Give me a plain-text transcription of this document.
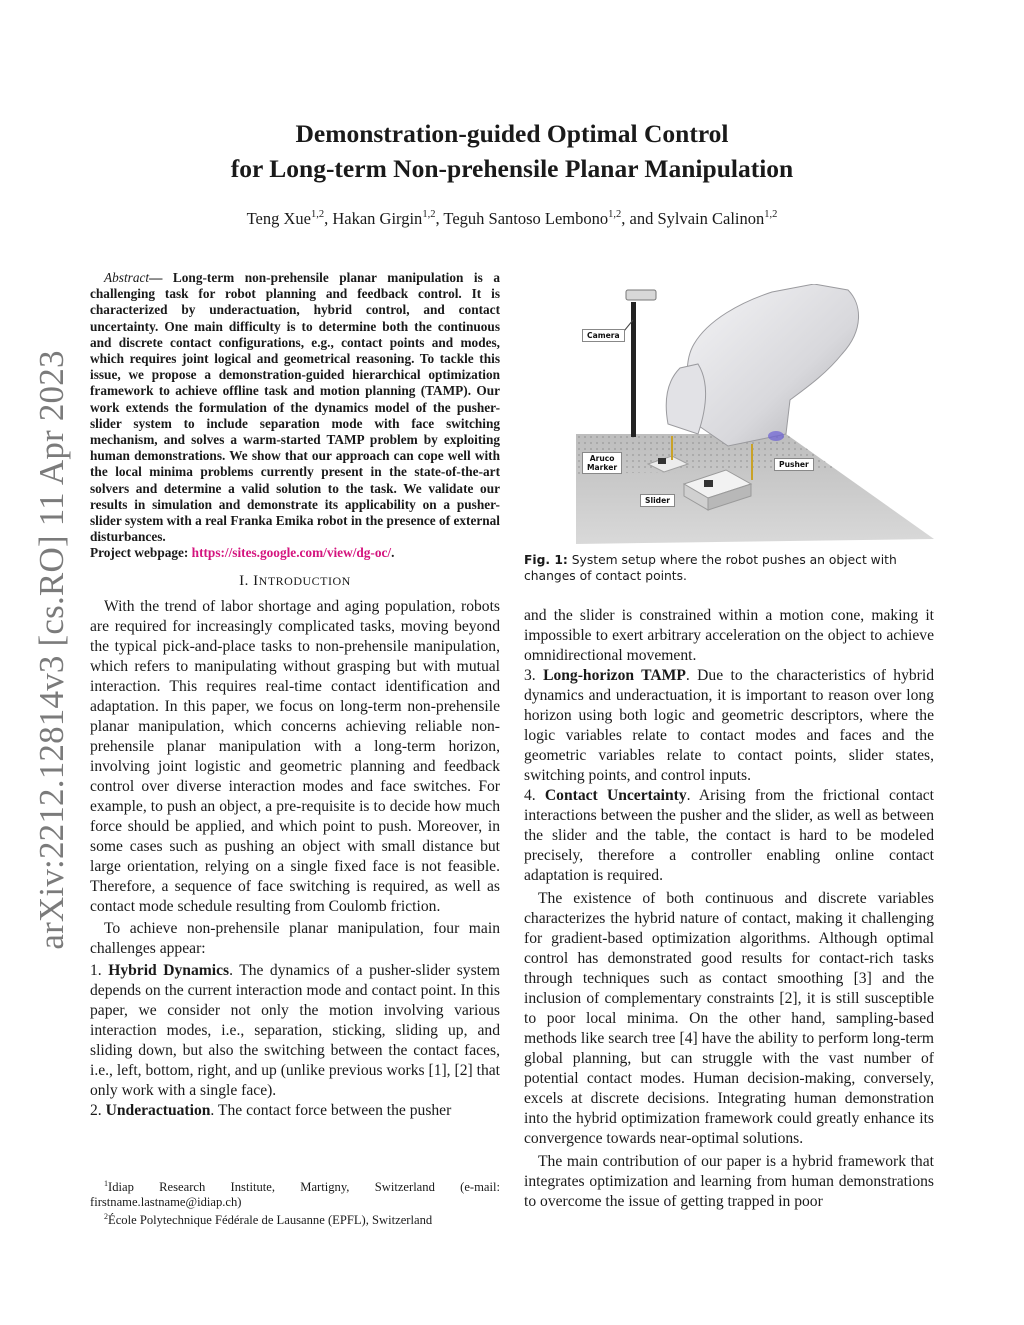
arXiv:2212.12814v3 [cs.RO] 11 Apr 2023
Demonstration-guided Optimal Control
for Long-term Non-prehensile Planar Manipulation
Teng Xue$^{1,2}$, Hakan Girgin$^{1,2}$, Teguh Santoso Lembono$^{1,2}$, and Sylvain Calinon$^{1,2}$

Abstract— Long-term non-prehensile planar manipulation is a challenging task for robot planning and feedback control. It is characterized by underactuation, hybrid control, and contact uncertainty. One main difficulty is to determine both the continuous and discrete contact configurations, e.g., contact points and modes, which requires joint logical and geometrical reasoning. To tackle this issue, we propose a demonstration-guided hierarchical optimization framework to achieve offline task and motion planning (TAMP). Our work extends the formulation of the dynamics model of the pusher-slider system to include separation mode with face switching mechanism, and solves a warm-started TAMP problem by exploiting human demonstrations. We show that our approach can cope well with the local minima problems currently present in the state-of-the-art solvers and determine a valid solution to the task. We validate our results in simulation and demonstrate its applicability on a pusher-slider system with a real Franka Emika robot in the presence of external disturbances.
Project webpage: https://sites.google.com/view/dg-oc/.

I. INTRODUCTION

With the trend of labor shortage and aging population, robots are required for increasingly complicated tasks, moving beyond the typical pick-and-place tasks to non-prehensile manipulation, which refers to manipulating without grasping but with mutual interaction. This requires real-time contact identification and adaptation. In this paper, we focus on long-term non-prehensile planar manipulation, which concerns achieving reliable non-prehensile planar manipulation with a long-term horizon, involving joint logistic and geometric planning and feedback control over diverse interaction modes and face switches. For example, to push an object, a pre-requisite is to decide how much force should be applied, and which point to push. Moreover, in some cases such as pushing an object with small distance but large orientation, relying on a single fixed face is not feasible. Therefore, a sequence of face switching is required, as well as contact mode schedule resulting from Coulomb friction.

To achieve non-prehensile planar manipulation, four main challenges appear:

1. Hybrid Dynamics. The dynamics of a pusher-slider system depends on the current interaction mode and contact point. In this paper, we consider not only the motion involving various interaction modes, i.e., separation, sticking, sliding up, and sliding down, but also the switching between the contact faces, i.e., left, bottom, right, and up (unlike previous works [1], [2] that only work with a single face).

2. Underactuation. The contact force between the pusher

$^1$Idiap Research Institute, Martigny, Switzerland (e-mail: firstname.lastname@idiap.ch)

$^2$École Polytechnique Fédérale de Lausanne (EPFL), Switzerland

Camera
Aruco
Marker	Pusher
Slider
Fig. 1: System setup where the robot pushes an object with changes of contact points.

and the slider is constrained within a motion cone, making it impossible to exert arbitrary acceleration on the object to achieve omnidirectional movement.

3. Long-horizon TAMP. Due to the characteristics of hybrid dynamics and underactuation, it is important to reason over long horizon using both logic and geometric descriptors, where the logic variables relate to contact modes and faces and the geometric variables relate to contact points, slider states, switching points, and control inputs.

4. Contact Uncertainty. Arising from the frictional contact interactions between the pusher and the slider, as well as between the slider and the table, the contact is hard to be modeled precisely, therefore a controller enabling online contact adaptation is required.

The existence of both continuous and discrete variables characterizes the hybrid nature of contact, making it challenging for gradient-based optimization algorithms. Although optimal control has demonstrated good results for contact-rich tasks through techniques such as contact smoothing [3] and the inclusion of complementary constraints [2], it is still susceptible to poor local minima. On the other hand, sampling-based methods like search tree [4] have the ability to perform long-term global planning, but can struggle with the vast number of potential contact modes. Human decision-making, conversely, excels at discrete decisions. Integrating human demonstration into the hybrid optimization framework could greatly enhance its convergence towards near-optimal solutions.

The main contribution of our paper is a hybrid framework that integrates optimization and learning from human demonstrations to overcome the issue of getting trapped in poor
